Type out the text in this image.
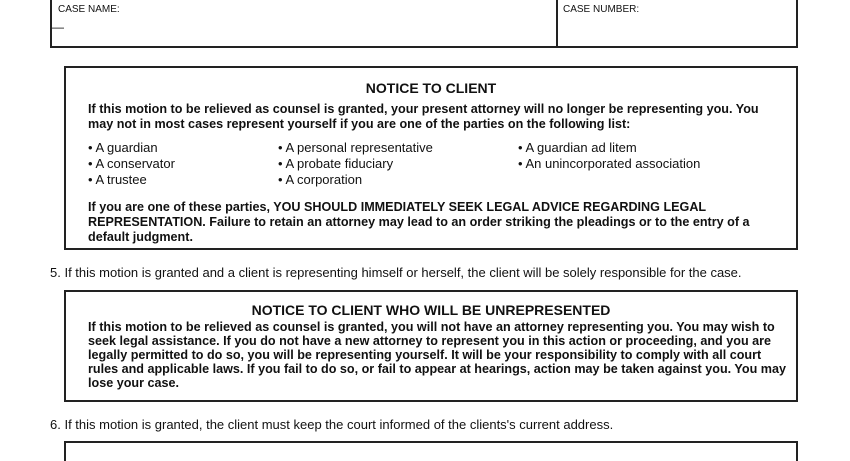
CASE NAME:
—
CASE NUMBER:
NOTICE TO CLIENT
If this motion to be relieved as counsel is granted, your present attorney will no longer be representing you. You
may not in most cases represent yourself if you are one of the parties on the following list:
• A guardian
• A conservator
• A trustee
• A personal representative
• A probate fiduciary
• A corporation
• A guardian ad litem
• An unincorporated association
If you are one of these parties, YOU SHOULD IMMEDIATELY SEEK LEGAL ADVICE REGARDING LEGAL
REPRESENTATION. Failure to retain an attorney may lead to an order striking the pleadings or to the entry of a
default judgment.
5. If this motion is granted and a client is representing himself or herself, the client will be solely responsible for the case.
NOTICE TO CLIENT WHO WILL BE UNREPRESENTED
If this motion to be relieved as counsel is granted, you will not have an attorney representing you. You may wish to
seek legal assistance. If you do not have a new attorney to represent you in this action or proceeding, and you are
legally permitted to do so, you will be representing yourself. It will be your responsibility to comply with all court
rules and applicable laws. If you fail to do so, or fail to appear at hearings, action may be taken against you. You may
lose your case.
6. If this motion is granted, the client must keep the court informed of the clients's current address.
